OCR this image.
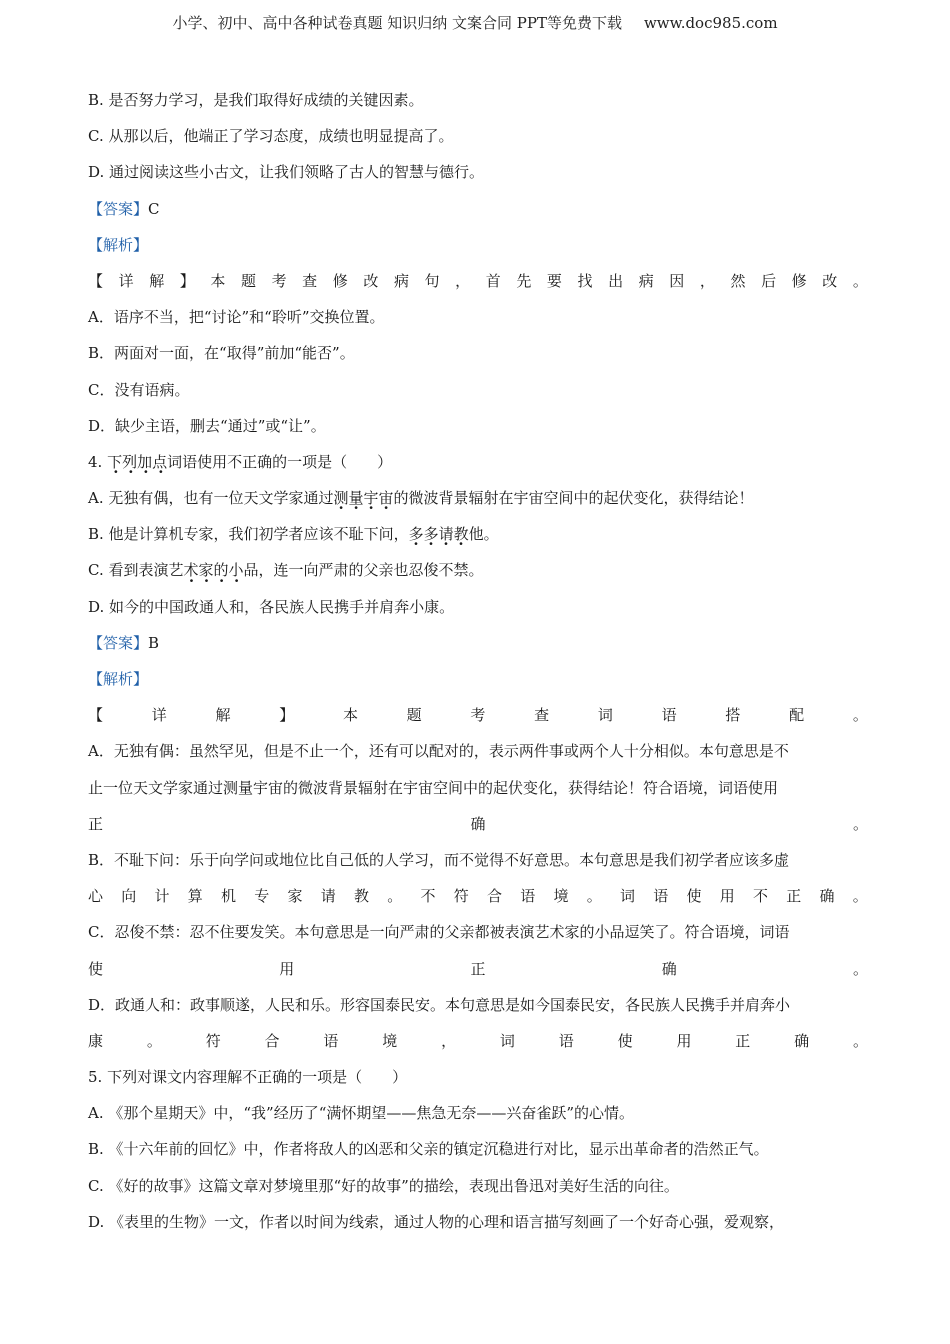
小学、初中、高中各种试卷真题 知识归纳 文案合同 PPT等免费下载 www.doc985.com
B. 是否努力学习，是我们取得好成绩的关键因素。
C. 从那以后，他端正了学习态度，成绩也明显提高了。
D. 通过阅读这些小古文，让我们领略了古人的智慧与德行。
【答案】C
【解析】
【 详 解 】 本 题 考 查 修 改 病 句 ， 首 先 要 找 出 病 因 ， 然 后 修 改 。
A．语序不当，把“讨论”和“聆听”交换位置。
B．两面对一面，在“取得”前加“能否”。
C．没有语病。
D．缺少主语，删去“通过”或“让”。
4. 下列加点词语使用不正确的一项是（　　）
A. 无独有偶，也有一位天文学家通过测量宇宙的微波背景辐射在宇宙空间中的起伏变化，获得结论！
B. 他是计算机专家，我们初学者应该不耻下问，多多请教他。
C. 看到表演艺术家的小品，连一向严肃的父亲也忍俊不禁。
D. 如今的中国政通人和，各民族人民携手并肩奔小康。
【答案】B
【解析】
【	详	解	】	本	题	考	查	词	语	搭	配	。
A．无独有偶：虽然罕见，但是不止一个，还有可以配对的，表示两件事或两个人十分相似。本句意思是不
止一位天文学家通过测量宇宙的微波背景辐射在宇宙空间中的起伏变化，获得结论！符合语境，词语使用
正	确	。
B．不耻下问：乐于向学问或地位比自己低的人学习，而不觉得不好意思。本句意思是我们初学者应该多虚
心 向 计 算 机 专 家 请 教 。 不 符 合 语 境 。 词 语 使 用 不 正 确 。
C．忍俊不禁：忍不住要发笑。本句意思是一向严肃的父亲都被表演艺术家的小品逗笑了。符合语境，词语
使	用	正	确	。
D．政通人和：政事顺遂，人民和乐。形容国泰民安。本句意思是如今国泰民安，各民族人民携手并肩奔小
康	。	符	合	语	境	，	词	语	使	用	正	确	。
5. 下列对课文内容理解不正确的一项是（　　）
A. 《那个星期天》中，“我”经历了“满怀期望——焦急无奈——兴奋雀跃”的心情。
B. 《十六年前的回忆》中，作者将敌人的凶恶和父亲的镇定沉稳进行对比，显示出革命者的浩然正气。
C. 《好的故事》这篇文章对梦境里那“好的故事”的描绘，表现出鲁迅对美好生活的向往。
D. 《表里的生物》一文，作者以时间为线索，通过人物的心理和语言描写刻画了一个好奇心强，爱观察，
